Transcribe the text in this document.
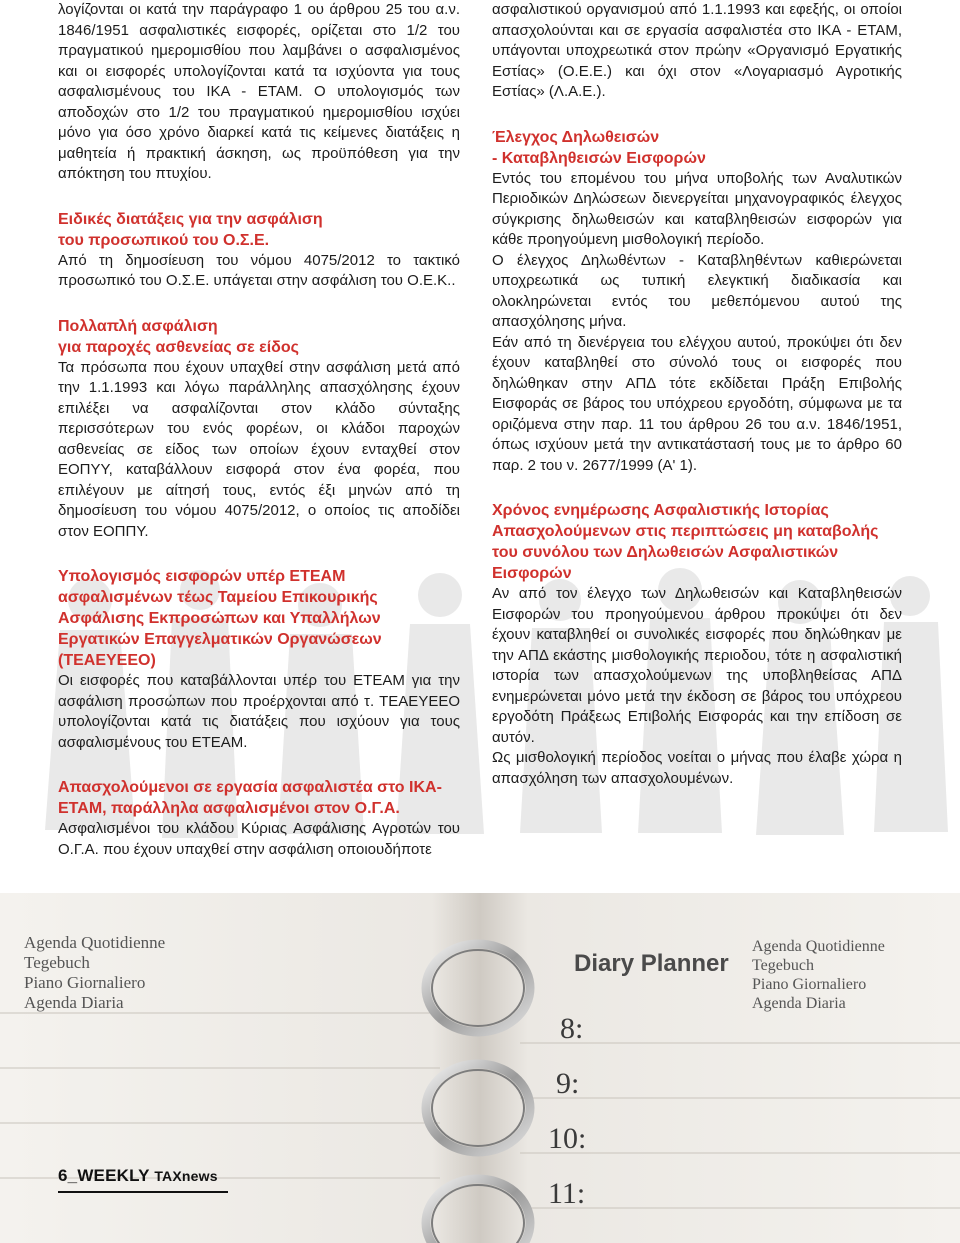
λογίζονται οι κατά την παράγραφο 1 ου άρθρου 25 του α.ν. 1846/1951 ασφαλιστικές εισφορές, ορίζεται στο 1/2 του πραγματικού ημερομισθίου που λαμβάνει ο ασφαλισμένος και οι εισφορές υπολογίζονται κατά τα ισχύοντα για τους ασφαλισμένους του ΙΚΑ - ΕΤΑΜ. Ο υπολογισμός των αποδοχών στο 1/2 του πραγματικού ημερομισθίου ισχύει μόνο για όσο χρόνο διαρκεί κατά τις κείμενες διατάξεις η μαθητεία ή πρακτική άσκηση, ως προϋπόθεση για την απόκτηση του πτυχίου.

Ειδικές διατάξεις για την ασφάλιση
του προσωπικού του Ο.Σ.Ε.

Από τη δημοσίευση του νόμου 4075/2012 το τακτικό προσωπικό του Ο.Σ.Ε. υπάγεται στην ασφάλιση του Ο.Ε.Κ..

Πολλαπλή ασφάλιση
για παροχές ασθενείας σε είδος

Τα πρόσωπα που έχουν υπαχθεί στην ασφάλιση μετά από την 1.1.1993 και λόγω παράλληλης απασχόλησης έχουν επιλέξει να ασφαλίζονται στον κλάδο σύνταξης περισσότερων του ενός φορέων, οι κλάδοι παροχών ασθενείας σε είδος των οποίων έχουν ενταχθεί στον ΕΟΠΥΥ, καταβάλλουν εισφορά στον ένα φορέα, που επιλέγουν με αίτησή τους, εντός έξι μηνών από τη δημοσίευση του νόμου 4075/2012, ο οποίος τις αποδίδει στον ΕΟΠΠΥ.

Υπολογισμός εισφορών υπέρ ΕΤΕΑΜ ασφαλισμένων τέως Ταμείου Επικουρικής Ασφάλισης Εκπροσώπων και Υπαλλήλων Εργατικών Επαγγελματικών Οργανώσεων (ΤΕΑΕΥΕΕΟ)

Οι εισφορές που καταβάλλονται υπέρ του ΕΤΕΑΜ για την ασφάλιση προσώπων που προέρχονται από τ. ΤΕΑΕΥΕΕΟ υπολογίζονται κατά τις διατάξεις που ισχύουν για τους ασφαλισμένους του ΕΤΕΑΜ.

Απασχολούμενοι σε εργασία ασφαλιστέα στο ΙΚΑ-ΕΤΑΜ, παράλληλα ασφαλισμένοι στον Ο.Γ.Α.

Ασφαλισμένοι του κλάδου Κύριας Ασφάλισης Αγροτών του Ο.Γ.Α. που έχουν υπαχθεί στην ασφάλιση οποιουδήποτε

ασφαλιστικού οργανισμού από 1.1.1993 και εφεξής, οι οποίοι απασχολούνται και σε εργασία ασφαλιστέα στο ΙΚΑ - ΕΤΑΜ, υπάγονται υποχρεωτικά στον πρώην «Οργανισμό Εργατικής Εστίας» (Ο.Ε.Ε.) και όχι στον «Λογαριασμό Αγροτικής Εστίας» (Λ.Α.Ε.).

Έλεγχος Δηλωθεισών
- Καταβληθεισών Εισφορών

Εντός του επομένου του μήνα υποβολής των Αναλυτικών Περιοδικών Δηλώσεων διενεργείται μηχανογραφικός έλεγχος σύγκρισης δηλωθεισών και καταβληθεισών εισφορών για κάθε προηγούμενη μισθολογική περίοδο.

Ο έλεγχος Δηλωθέντων - Καταβληθέντων καθιερώνεται υποχρεωτικά ως τυπική ελεγκτική διαδικασία και ολοκληρώνεται εντός του μεθεπόμενου αυτού της απασχόλησης μήνα.

Εάν από τη διενέργεια του ελέγχου αυτού, προκύψει ότι δεν έχουν καταβληθεί στο σύνολό τους οι εισφορές που δηλώθηκαν στην ΑΠΔ τότε εκδίδεται Πράξη Επιβολής Εισφοράς σε βάρος του υπόχρεου εργοδότη, σύμφωνα με τα οριζόμενα στην παρ. 11 του άρθρου 26 του α.ν. 1846/1951, όπως ισχύουν μετά την αντικατάστασή τους με το άρθρο 60 παρ. 2 του ν. 2677/1999 (Α' 1).

Χρόνος ενημέρωσης Ασφαλιστικής Ιστορίας Απασχολούμενων στις περιπτώσεις μη καταβολής του συνόλου των Δηλωθεισών Ασφαλιστικών Εισφορών

Αν από τον έλεγχο των Δηλωθεισών και Καταβληθεισών Εισφορών του προηγούμενου άρθρου προκύψει ότι δεν έχουν καταβληθεί οι συνολικές εισφορές που δηλώθηκαν με την ΑΠΔ εκάστης μισθολογικής περιοδου, τότε η ασφαλιστική ιστορία των απασχολούμενων της υποβληθείσας ΑΠΔ ενημερώνεται μόνο μετά την έκδοση σε βάρος του υπόχρεου εργοδότη Πράξεως Επιβολής Εισφοράς και την επίδοση σε αυτόν.

Ως μισθολογική περίοδος νοείται ο μήνας που έλαβε χώρα η απασχόληση των απασχολουμένων.

Agenda Quotidienne
Tegebuch
Piano Giornaliero
Agenda Diaria
Diary Planner
Agenda Quotidienne
Tegebuch
Piano Giornaliero
Agenda Diaria
8:
9:
10:
11:
6_WEEKLY TAXnews
